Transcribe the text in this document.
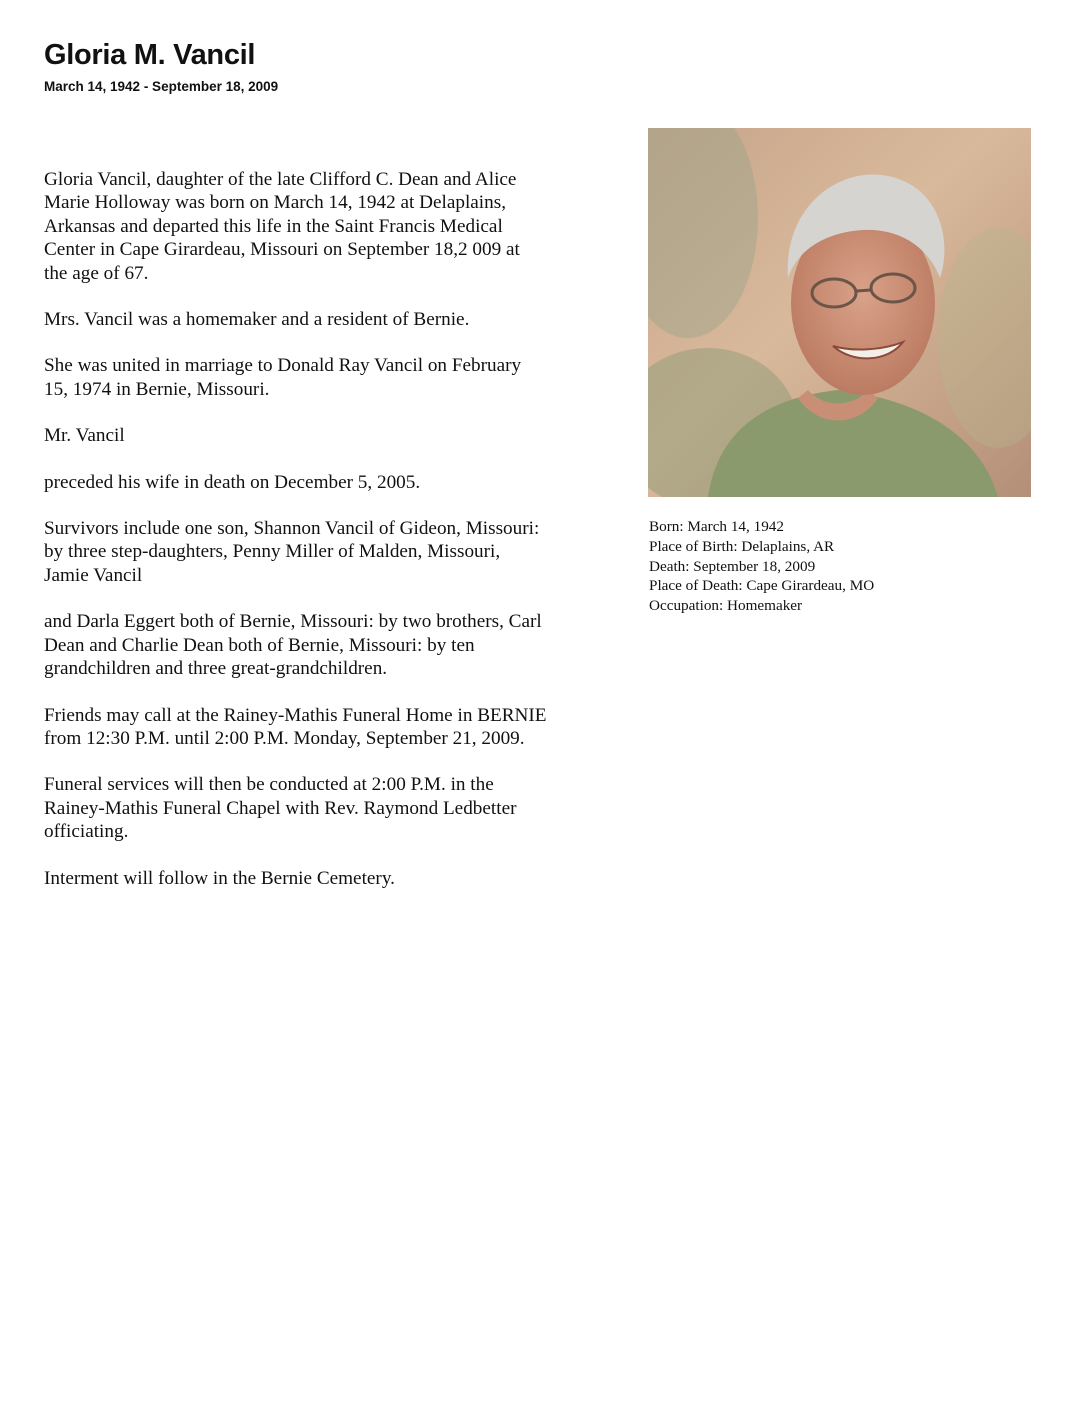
Gloria M. Vancil
March 14, 1942 - September 18, 2009

Gloria Vancil, daughter of the late Clifford C. Dean and Alice
Marie Holloway was born on March 14, 1942 at Delaplains,
Arkansas and departed this life in the Saint Francis Medical
Center in Cape Girardeau, Missouri on September 18,2 009 at
the age of 67.

Mrs. Vancil was a homemaker and a resident of Bernie.

She was united in marriage to Donald Ray Vancil on February
15, 1974 in Bernie, Missouri.

Mr. Vancil

preceded his wife in death on December 5, 2005.

Survivors include one son, Shannon Vancil of Gideon, Missouri:
by three step-daughters, Penny Miller of Malden, Missouri,
Jamie Vancil

and Darla Eggert both of Bernie, Missouri: by two brothers, Carl
Dean and Charlie Dean both of Bernie, Missouri: by ten
grandchildren and three great-grandchildren.

Friends may call at the Rainey-Mathis Funeral Home in BERNIE
from 12:30 P.M. until 2:00 P.M. Monday, September 21, 2009.

Funeral services will then be conducted at 2:00 P.M. in the
Rainey-Mathis Funeral Chapel with Rev. Raymond Ledbetter
officiating.

Interment will follow in the Bernie Cemetery.

Born: March 14, 1942
Place of Birth: Delaplains, AR
Death: September 18, 2009
Place of Death: Cape Girardeau, MO
Occupation: Homemaker
